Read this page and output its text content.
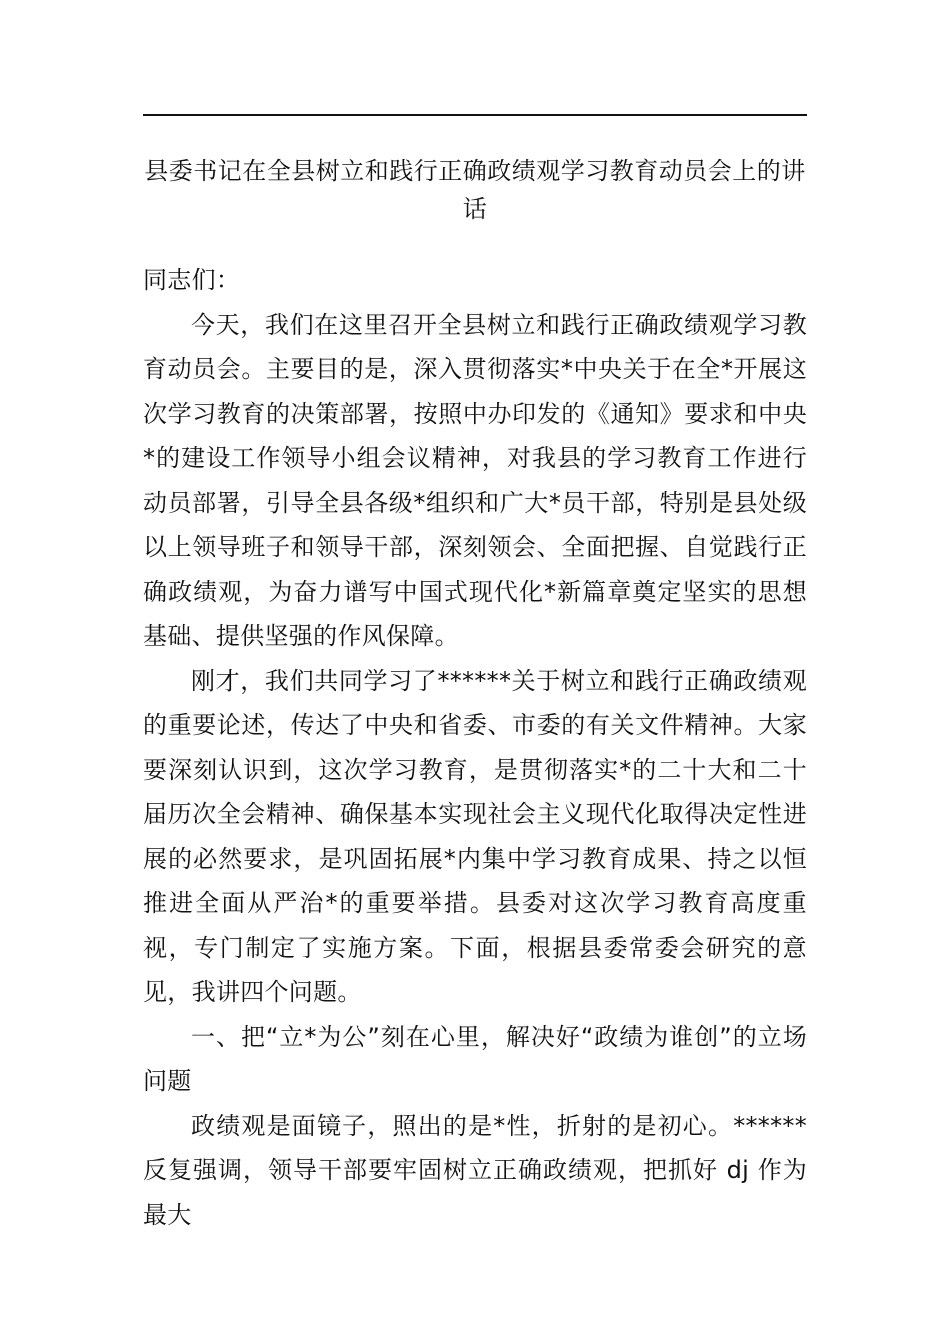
县委书记在全县树立和践行正确政绩观学习教育动员会上的讲话

同志们：

今天，我们在这里召开全县树立和践行正确政绩观学习教育动员会。主要目的是，深入贯彻落实*中央关于在全*开展这次学习教育的决策部署，按照中办印发的《通知》要求和中央*的建设工作领导小组会议精神，对我县的学习教育工作进行动员部署，引导全县各级*组织和广大*员干部，特别是县处级以上领导班子和领导干部，深刻领会、全面把握、自觉践行正确政绩观，为奋力谱写中国式现代化*新篇章奠定坚实的思想基础、提供坚强的作风保障。

刚才，我们共同学习了******关于树立和践行正确政绩观的重要论述，传达了中央和省委、市委的有关文件精神。大家要深刻认识到，这次学习教育，是贯彻落实*的二十大和二十届历次全会精神、确保基本实现社会主义现代化取得决定性进展的必然要求，是巩固拓展*内集中学习教育成果、持之以恒推进全面从严治*的重要举措。县委对这次学习教育高度重视，专门制定了实施方案。下面，根据县委常委会研究的意见，我讲四个问题。

一、把“立*为公”刻在心里，解决好“政绩为谁创”的立场问题

政绩观是面镜子，照出的是*性，折射的是初心。******反复强调，领导干部要牢固树立正确政绩观，把抓好 dj 作为最大
